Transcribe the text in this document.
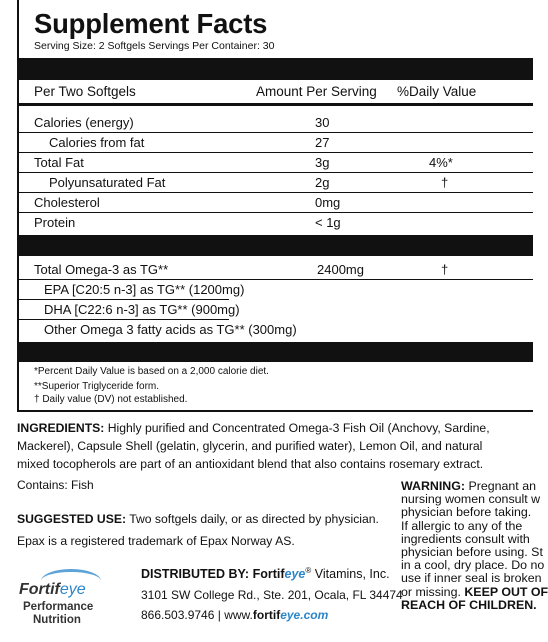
Supplement Facts
Serving Size: 2 Softgels Servings Per Container: 30
Per Two Softgels	Amount Per Serving %Daily Value
Calories (energy)	30
Calories from fat	27
Total Fat	3g	4%*
Polyunsaturated Fat	2g	†
Cholesterol	0mg
Protein	< 1g
Total Omega-3 as TG**	2400mg	†
EPA [C20:5 n-3] as TG** (1200mg)
DHA [C22:6 n-3] as TG** (900mg)
Other Omega 3 fatty acids as TG** (300mg)
*Percent Daily Value is based on a 2,000 calorie diet.
**Superior Triglyceride form.
† Daily value (DV) not established.
INGREDIENTS: Highly purified and Concentrated Omega-3 Fish Oil (Anchovy, Sardine, Mackerel), Capsule Shell (gelatin, glycerin, and purified water), Lemon Oil, and natural mixed tocopherols are part of an antioxidant blend that also contains rosemary extract.
Contains: Fish
SUGGESTED USE: Two softgels daily, or as directed by physician.
Epax is a registered trademark of Epax Norway AS.
Fortifeye
Performance
Nutrition
DISTRIBUTED BY: Fortifeye® Vitamins, Inc.
3101 SW College Rd., Ste. 201, Ocala, FL 34474
866.503.9746 | www.fortifeye.com
WARNING: Pregnant an
nursing women consult w
physician before taking.
If allergic to any of the
ingredients consult with
physician before using. St
in a cool, dry place. Do no
use if inner seal is broken
or missing. KEEP OUT OF
REACH OF CHILDREN.
